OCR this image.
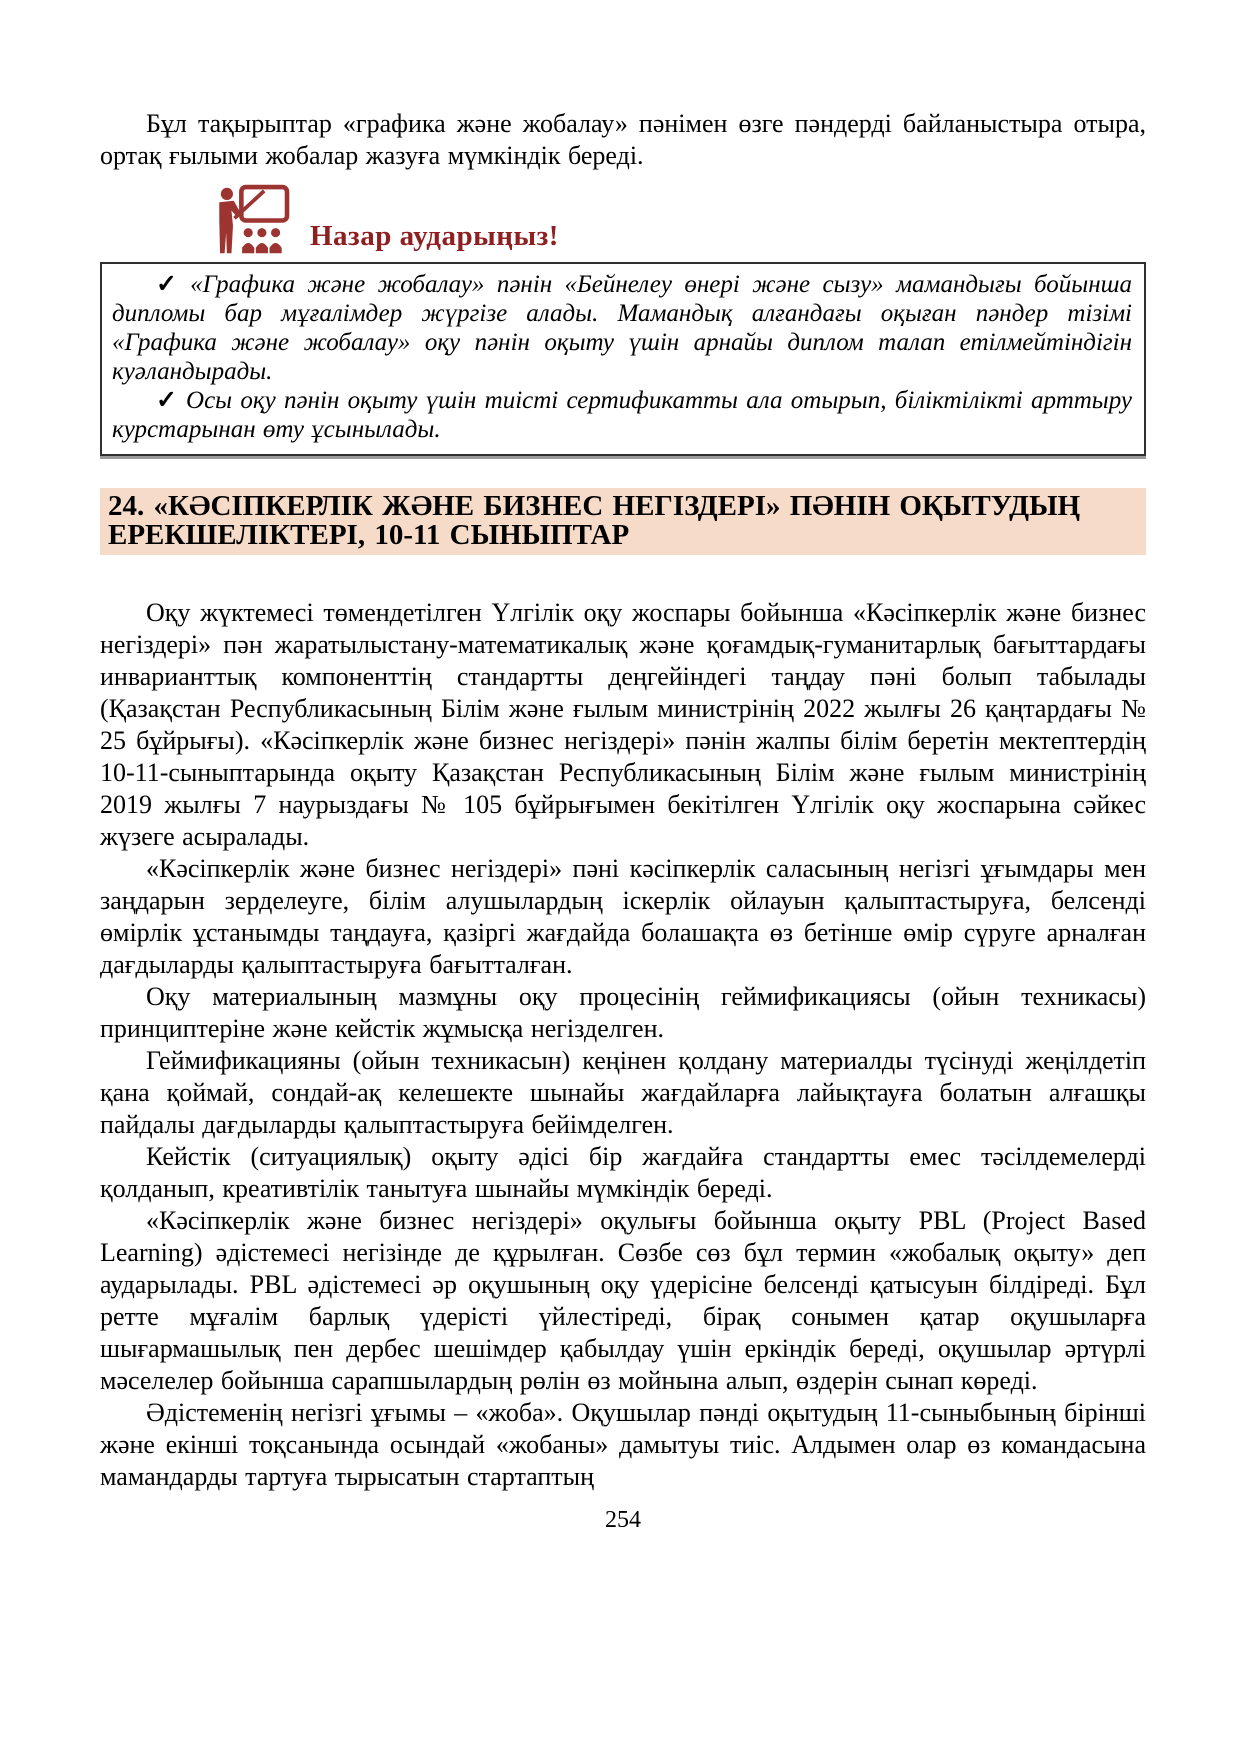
Бұл тақырыптар «графика және жобалау» пәнімен өзге пәндерді байланыстыра отыра, ортақ ғылыми жобалар жазуға мүмкіндік береді.

Назар аударыңыз!

✓ «Графика және жобалау» пәнін «Бейнелеу өнері және сызу» мамандығы бойынша дипломы бар мұғалімдер жүргізе алады. Мамандық алғандағы оқыған пәндер тізімі «Графика және жобалау» оқу пәнін оқыту үшін арнайы диплом талап етілмейтіндігін куәландырады.

✓ Осы оқу пәнін оқыту үшін тиісті сертификатты ала отырып, біліктілікті арттыру курстарынан өту ұсынылады.

24. «КӘСІПКЕРЛІК ЖӘНЕ БИЗНЕС НЕГІЗДЕРІ» ПӘНІН ОҚЫТУДЫҢ ЕРЕКШЕЛІКТЕРІ, 10-11 СЫНЫПТАР

Оқу жүктемесі төмендетілген Үлгілік оқу жоспары бойынша «Кәсіпкерлік және бизнес негіздері» пән жаратылыстану-математикалық және қоғамдық-гуманитарлық бағыттардағы инварианттық компоненттің стандартты деңгейіндегі таңдау пәні болып табылады (Қазақстан Республикасының Білім және ғылым министрінің 2022 жылғы 26 қаңтардағы № 25 бұйрығы). «Кәсіпкерлік және бизнес негіздері» пәнін жалпы білім беретін мектептердің 10-11-сыныптарында оқыту Қазақстан Республикасының Білім және ғылым министрінің 2019 жылғы 7 наурыздағы № 105 бұйрығымен бекітілген Үлгілік оқу жоспарына сәйкес жүзеге асыралады.

«Кәсіпкерлік және бизнес негіздері» пәні кәсіпкерлік саласының негізгі ұғымдары мен заңдарын зерделеуге, білім алушылардың іскерлік ойлауын қалыптастыруға, белсенді өмірлік ұстанымды таңдауға, қазіргі жағдайда болашақта өз бетінше өмір сүруге арналған дағдыларды қалыптастыруға бағытталған.

Оқу материалының мазмұны оқу процесінің геймификациясы (ойын техникасы) принциптеріне және кейстік жұмысқа негізделген.

Геймификацияны (ойын техникасын) кеңінен қолдану материалды түсінуді жеңілдетіп қана қоймай, сондай-ақ келешекте шынайы жағдайларға лайықтауға болатын алғашқы пайдалы дағдыларды қалыптастыруға бейімделген.

Кейстік (ситуациялық) оқыту әдісі бір жағдайға стандартты емес тәсілдемелерді қолданып, креативтілік танытуға шынайы мүмкіндік береді.

«Кәсіпкерлік және бизнес негіздері» оқулығы бойынша оқыту PBL (Project Based Learning) әдістемесі негізінде де құрылған. Сөзбе сөз бұл термин «жобалық оқыту» деп аударылады. PBL әдістемесі әр оқушының оқу үдерісіне белсенді қатысуын білдіреді. Бұл ретте мұғалім барлық үдерісті үйлестіреді, бірақ сонымен қатар оқушыларға шығармашылық пен дербес шешімдер қабылдау үшін еркіндік береді, оқушылар әртүрлі мәселелер бойынша сарапшылардың рөлін өз мойнына алып, өздерін сынап көреді.

Әдістеменің негізгі ұғымы – «жоба». Оқушылар пәнді оқытудың 11-сыныбының бірінші және екінші тоқсанында осындай «жобаны» дамытуы тиіс. Алдымен олар өз командасына мамандарды тартуға тырысатын стартаптың

254
